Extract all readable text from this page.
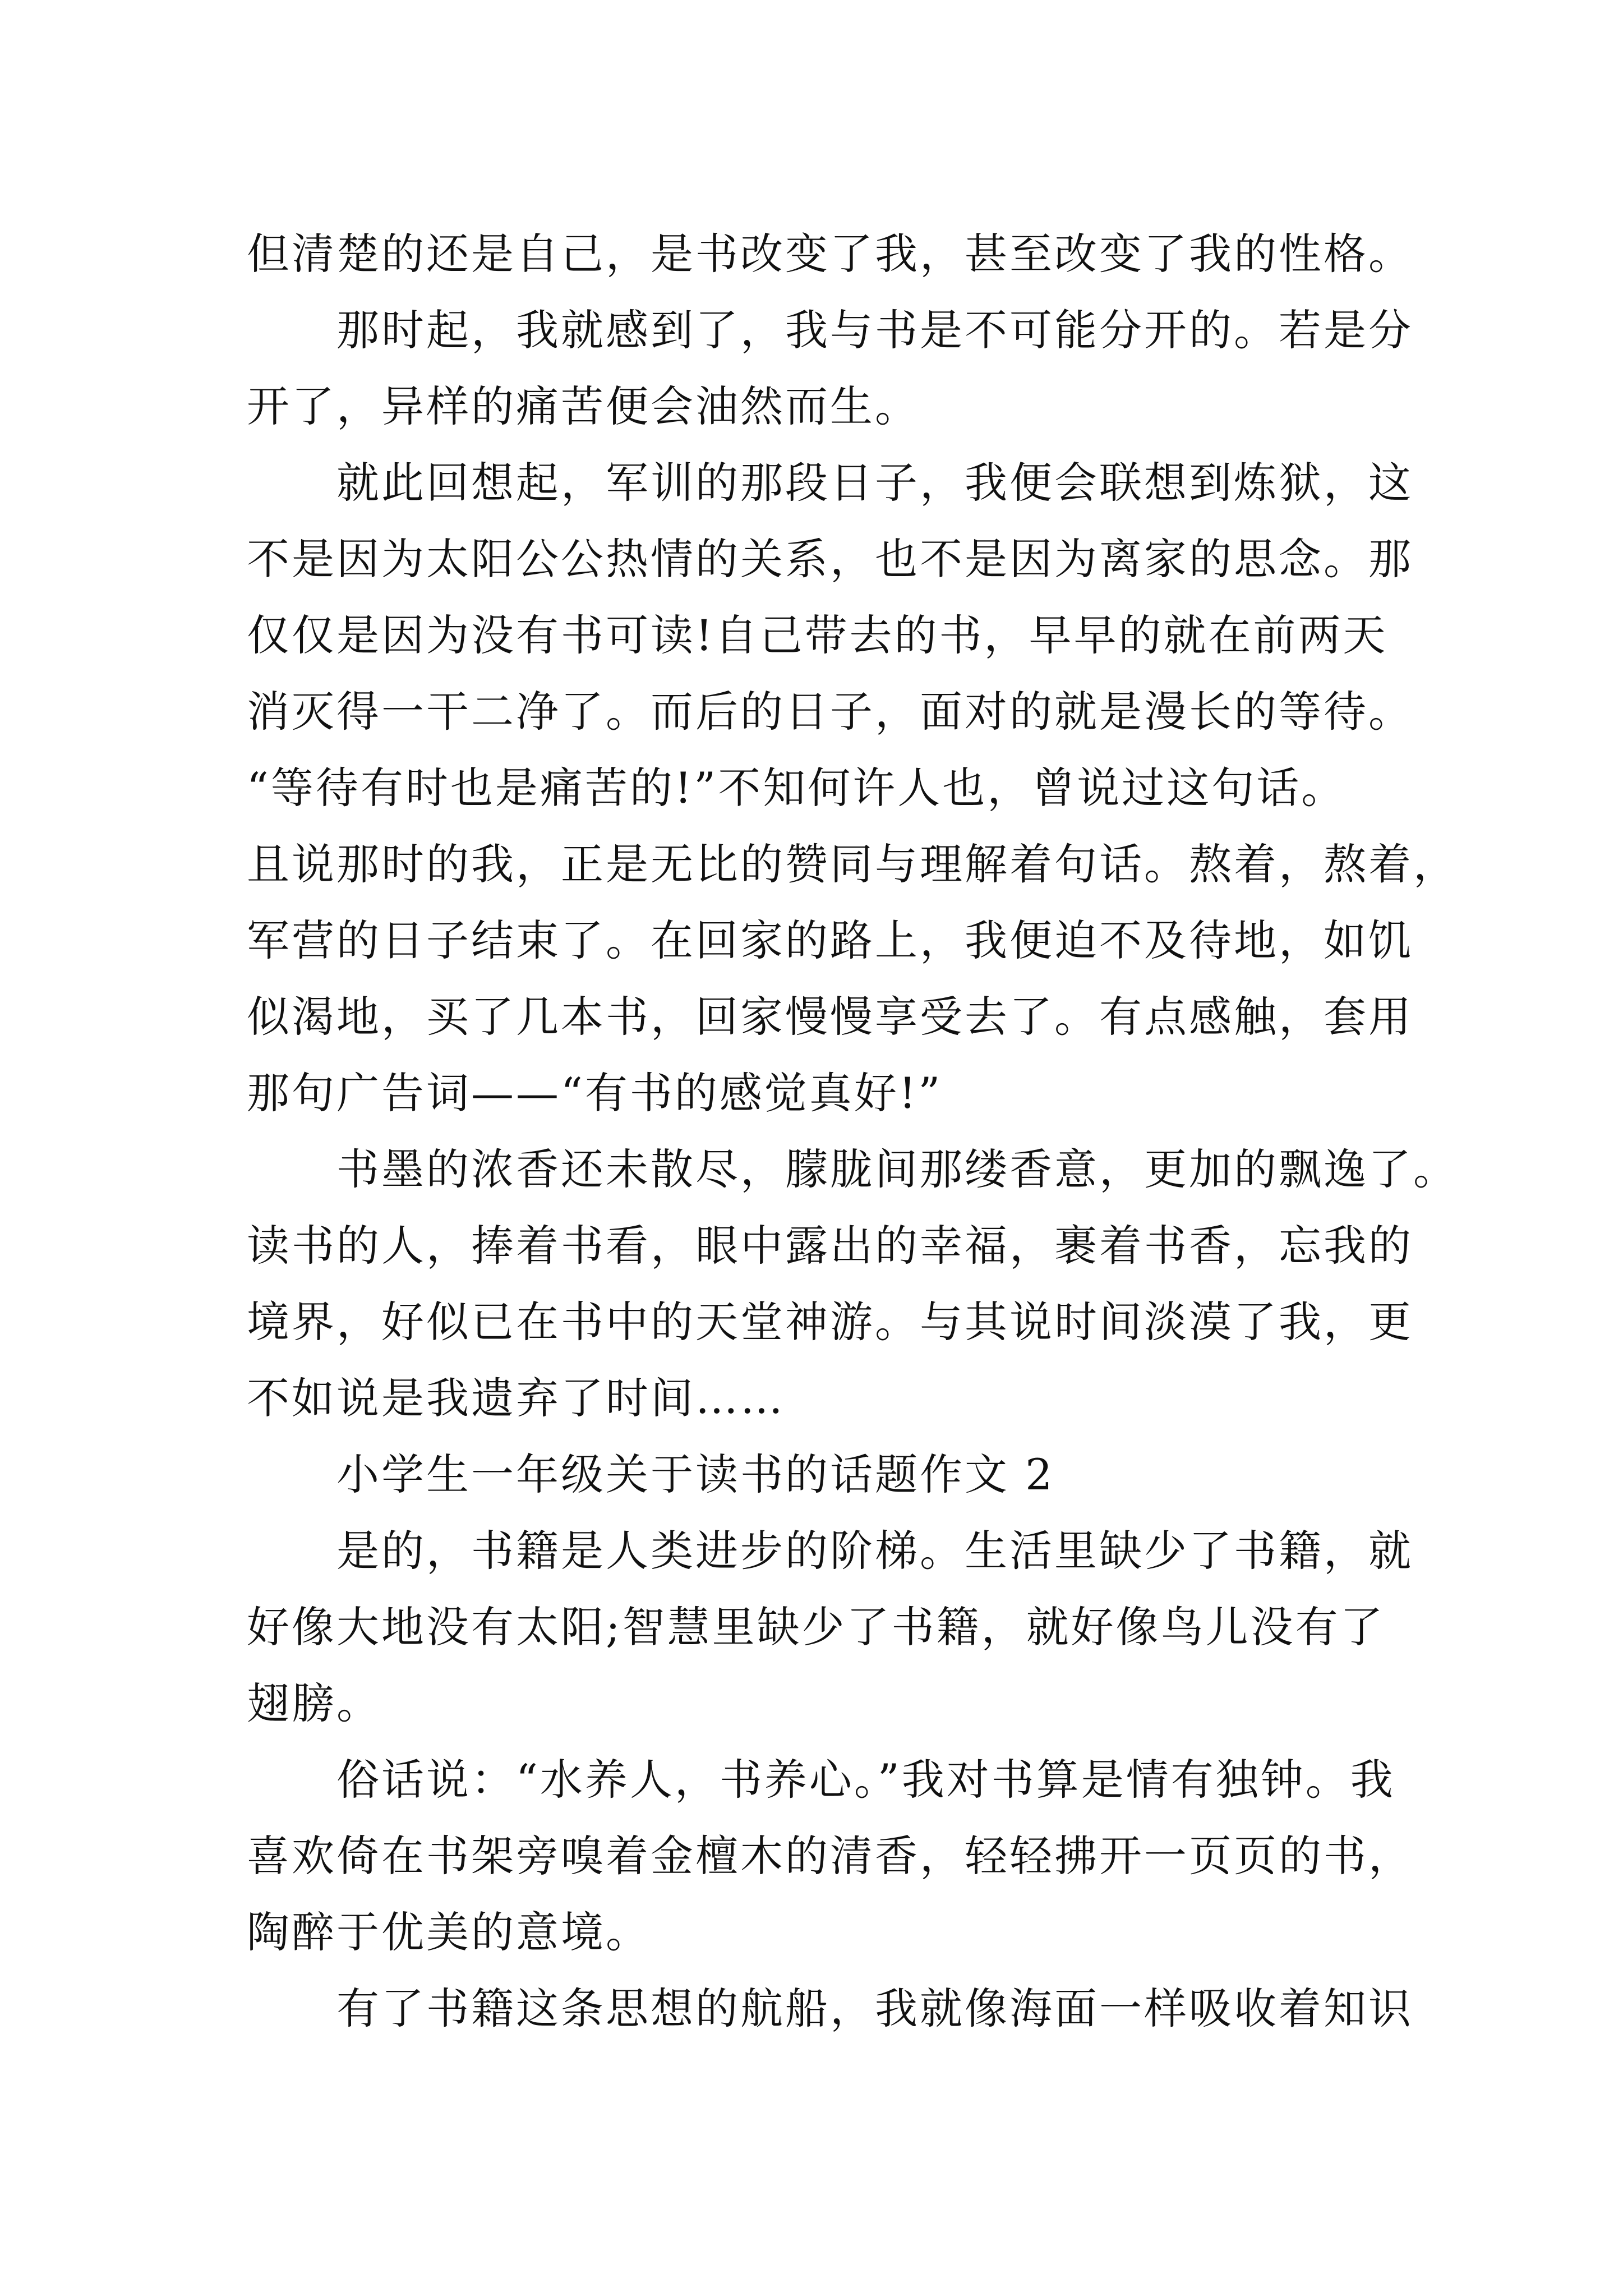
但清楚的还是自己，是书改变了我，甚至改变了我的性格。
那时起，我就感到了，我与书是不可能分开的。若是分
开了，异样的痛苦便会油然而生。
就此回想起，军训的那段日子，我便会联想到炼狱，这
不是因为太阳公公热情的关系，也不是因为离家的思念。那
仅仅是因为没有书可读!自己带去的书，早早的就在前两天
消灭得一干二净了。而后的日子，面对的就是漫长的等待。
“等待有时也是痛苦的!”不知何许人也，曾说过这句话。
且说那时的我，正是无比的赞同与理解着句话。熬着，熬着，
军营的日子结束了。在回家的路上，我便迫不及待地，如饥
似渴地，买了几本书，回家慢慢享受去了。有点感触，套用
那句广告词——“有书的感觉真好!”
书墨的浓香还未散尽，朦胧间那缕香意，更加的飘逸了。
读书的人，捧着书看，眼中露出的幸福，裹着书香，忘我的
境界，好似已在书中的天堂神游。与其说时间淡漠了我，更
不如说是我遗弃了时间……
小学生一年级关于读书的话题作文 2
是的，书籍是人类进步的阶梯。生活里缺少了书籍，就
好像大地没有太阳;智慧里缺少了书籍，就好像鸟儿没有了
翅膀。
俗话说：“水养人，书养心。”我对书算是情有独钟。我
喜欢倚在书架旁嗅着金檀木的清香，轻轻拂开一页页的书，
陶醉于优美的意境。
有了书籍这条思想的航船，我就像海面一样吸收着知识
